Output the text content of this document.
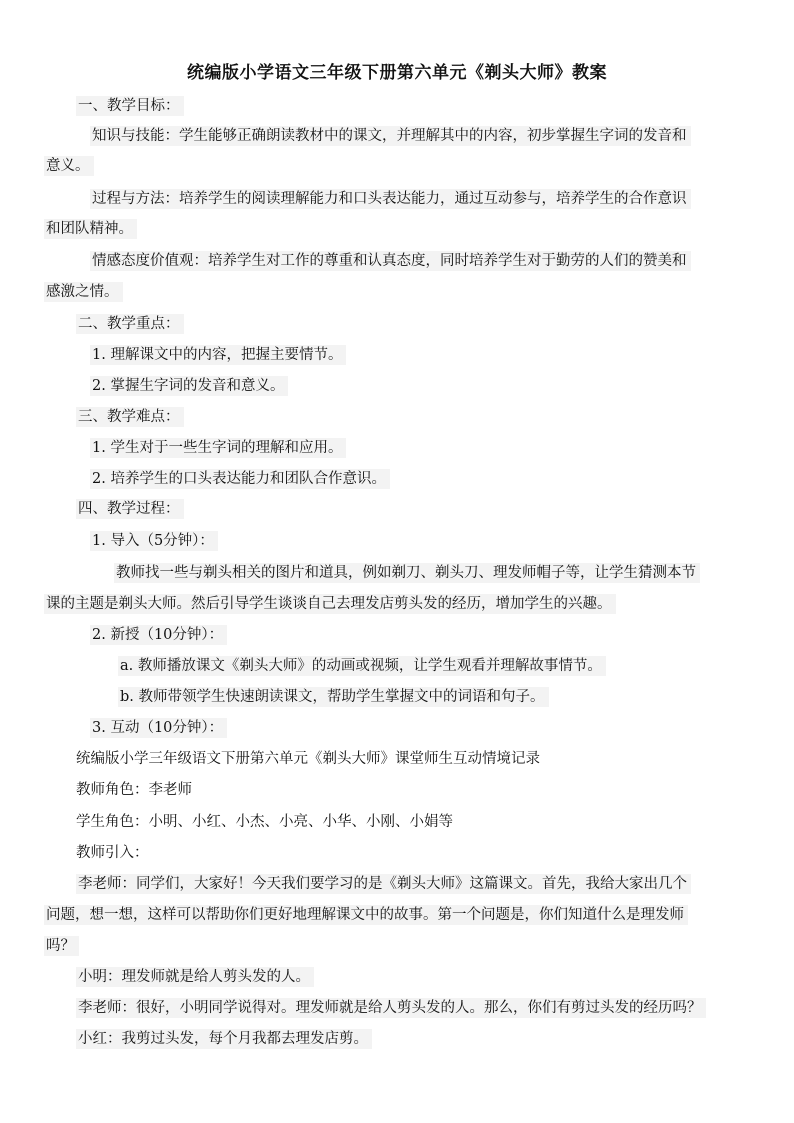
统编版小学语文三年级下册第六单元《剃头大师》教案
一、教学目标：
知识与技能：学生能够正确朗读教材中的课文，并理解其中的内容，初步掌握生字词的发音和
意义。
过程与方法：培养学生的阅读理解能力和口头表达能力，通过互动参与，培养学生的合作意识
和团队精神。
情感态度价值观：培养学生对工作的尊重和认真态度，同时培养学生对于勤劳的人们的赞美和
感激之情。
二、教学重点：
1. 理解课文中的内容，把握主要情节。
2. 掌握生字词的发音和意义。
三、教学难点：
1. 学生对于一些生字词的理解和应用。
2. 培养学生的口头表达能力和团队合作意识。
四、教学过程：
1. 导入（5分钟）：
教师找一些与剃头相关的图片和道具，例如剃刀、剃头刀、理发师帽子等，让学生猜测本节
课的主题是剃头大师。然后引导学生谈谈自己去理发店剪头发的经历，增加学生的兴趣。
2. 新授（10分钟）：
a. 教师播放课文《剃头大师》的动画或视频，让学生观看并理解故事情节。
b. 教师带领学生快速朗读课文，帮助学生掌握文中的词语和句子。
3. 互动（10分钟）：
统编版小学三年级语文下册第六单元《剃头大师》课堂师生互动情境记录
教师角色：李老师
学生角色：小明、小红、小杰、小亮、小华、小刚、小娟等
教师引入：
李老师：同学们，大家好！今天我们要学习的是《剃头大师》这篇课文。首先，我给大家出几个
问题，想一想，这样可以帮助你们更好地理解课文中的故事。第一个问题是，你们知道什么是理发师
吗？
小明：理发师就是给人剪头发的人。
李老师：很好，小明同学说得对。理发师就是给人剪头发的人。那么，你们有剪过头发的经历吗？
小红：我剪过头发，每个月我都去理发店剪。
